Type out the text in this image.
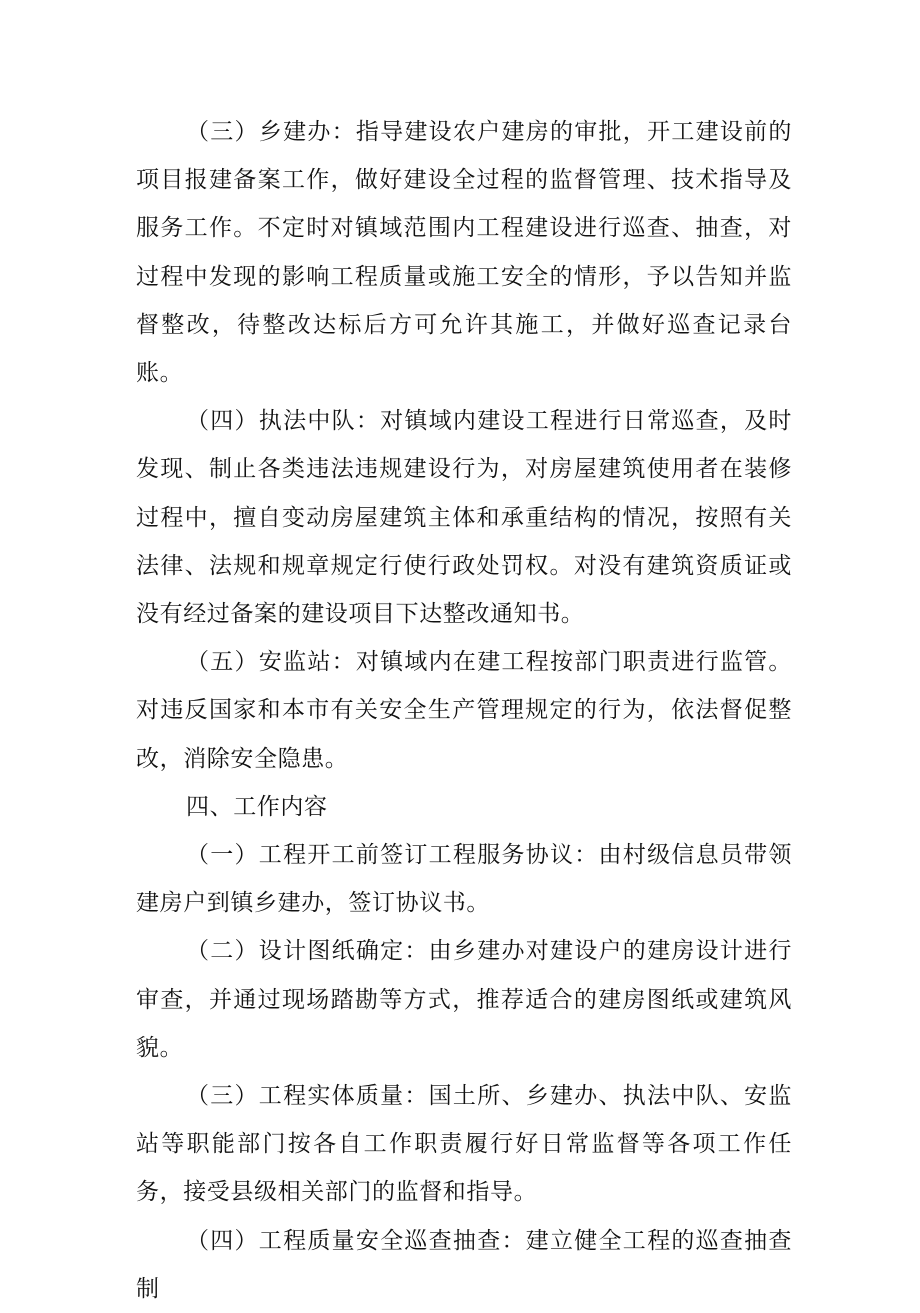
（三）乡建办：指导建设农户建房的审批，开工建设前的项目报建备案工作，做好建设全过程的监督管理、技术指导及服务工作。不定时对镇域范围内工程建设进行巡查、抽查，对过程中发现的影响工程质量或施工安全的情形，予以告知并监督整改，待整改达标后方可允许其施工，并做好巡查记录台账。

（四）执法中队：对镇域内建设工程进行日常巡查，及时发现、制止各类违法违规建设行为，对房屋建筑使用者在装修过程中，擅自变动房屋建筑主体和承重结构的情况，按照有关法律、法规和规章规定行使行政处罚权。对没有建筑资质证或没有经过备案的建设项目下达整改通知书。

（五）安监站：对镇域内在建工程按部门职责进行监管。对违反国家和本市有关安全生产管理规定的行为，依法督促整改，消除安全隐患。

四、工作内容

（一）工程开工前签订工程服务协议：由村级信息员带领建房户到镇乡建办，签订协议书。

（二）设计图纸确定：由乡建办对建设户的建房设计进行审查，并通过现场踏勘等方式，推荐适合的建房图纸或建筑风貌。

（三）工程实体质量：国土所、乡建办、执法中队、安监站等职能部门按各自工作职责履行好日常监督等各项工作任务，接受县级相关部门的监督和指导。

（四）工程质量安全巡查抽查：建立健全工程的巡查抽查制
